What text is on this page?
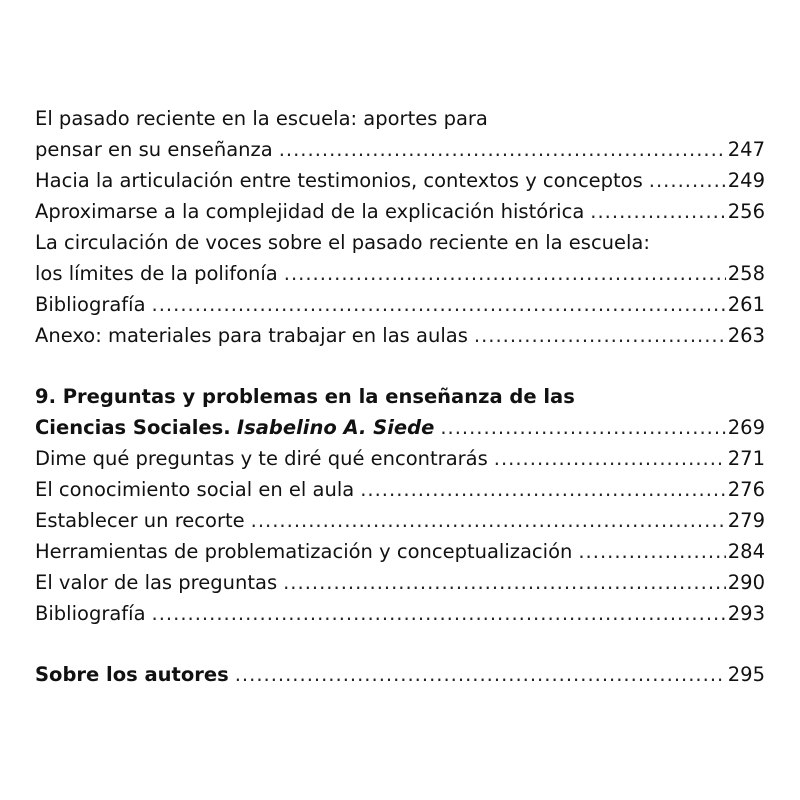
El pasado reciente en la escuela: aportes para
pensar en su enseñanza .....	247
Hacia la articulación entre testimonios, contextos y conceptos .....	249
Aproximarse a la complejidad de la explicación histórica .....	256
La circulación de voces sobre el pasado reciente en la escuela:
los límites de la polifonía .....	258
Bibliografía .....	261
Anexo: materiales para trabajar en las aulas .....	263
9. Preguntas y problemas en la enseñanza de las
Ciencias Sociales. Isabelino A. Siede .....	269
Dime qué preguntas y te diré qué encontrarás .....	271
El conocimiento social en el aula .....	276
Establecer un recorte .....	279
Herramientas de problematización y conceptualización .....	284
El valor de las preguntas .....	290
Bibliografía .....	293
Sobre los autores .....	295
